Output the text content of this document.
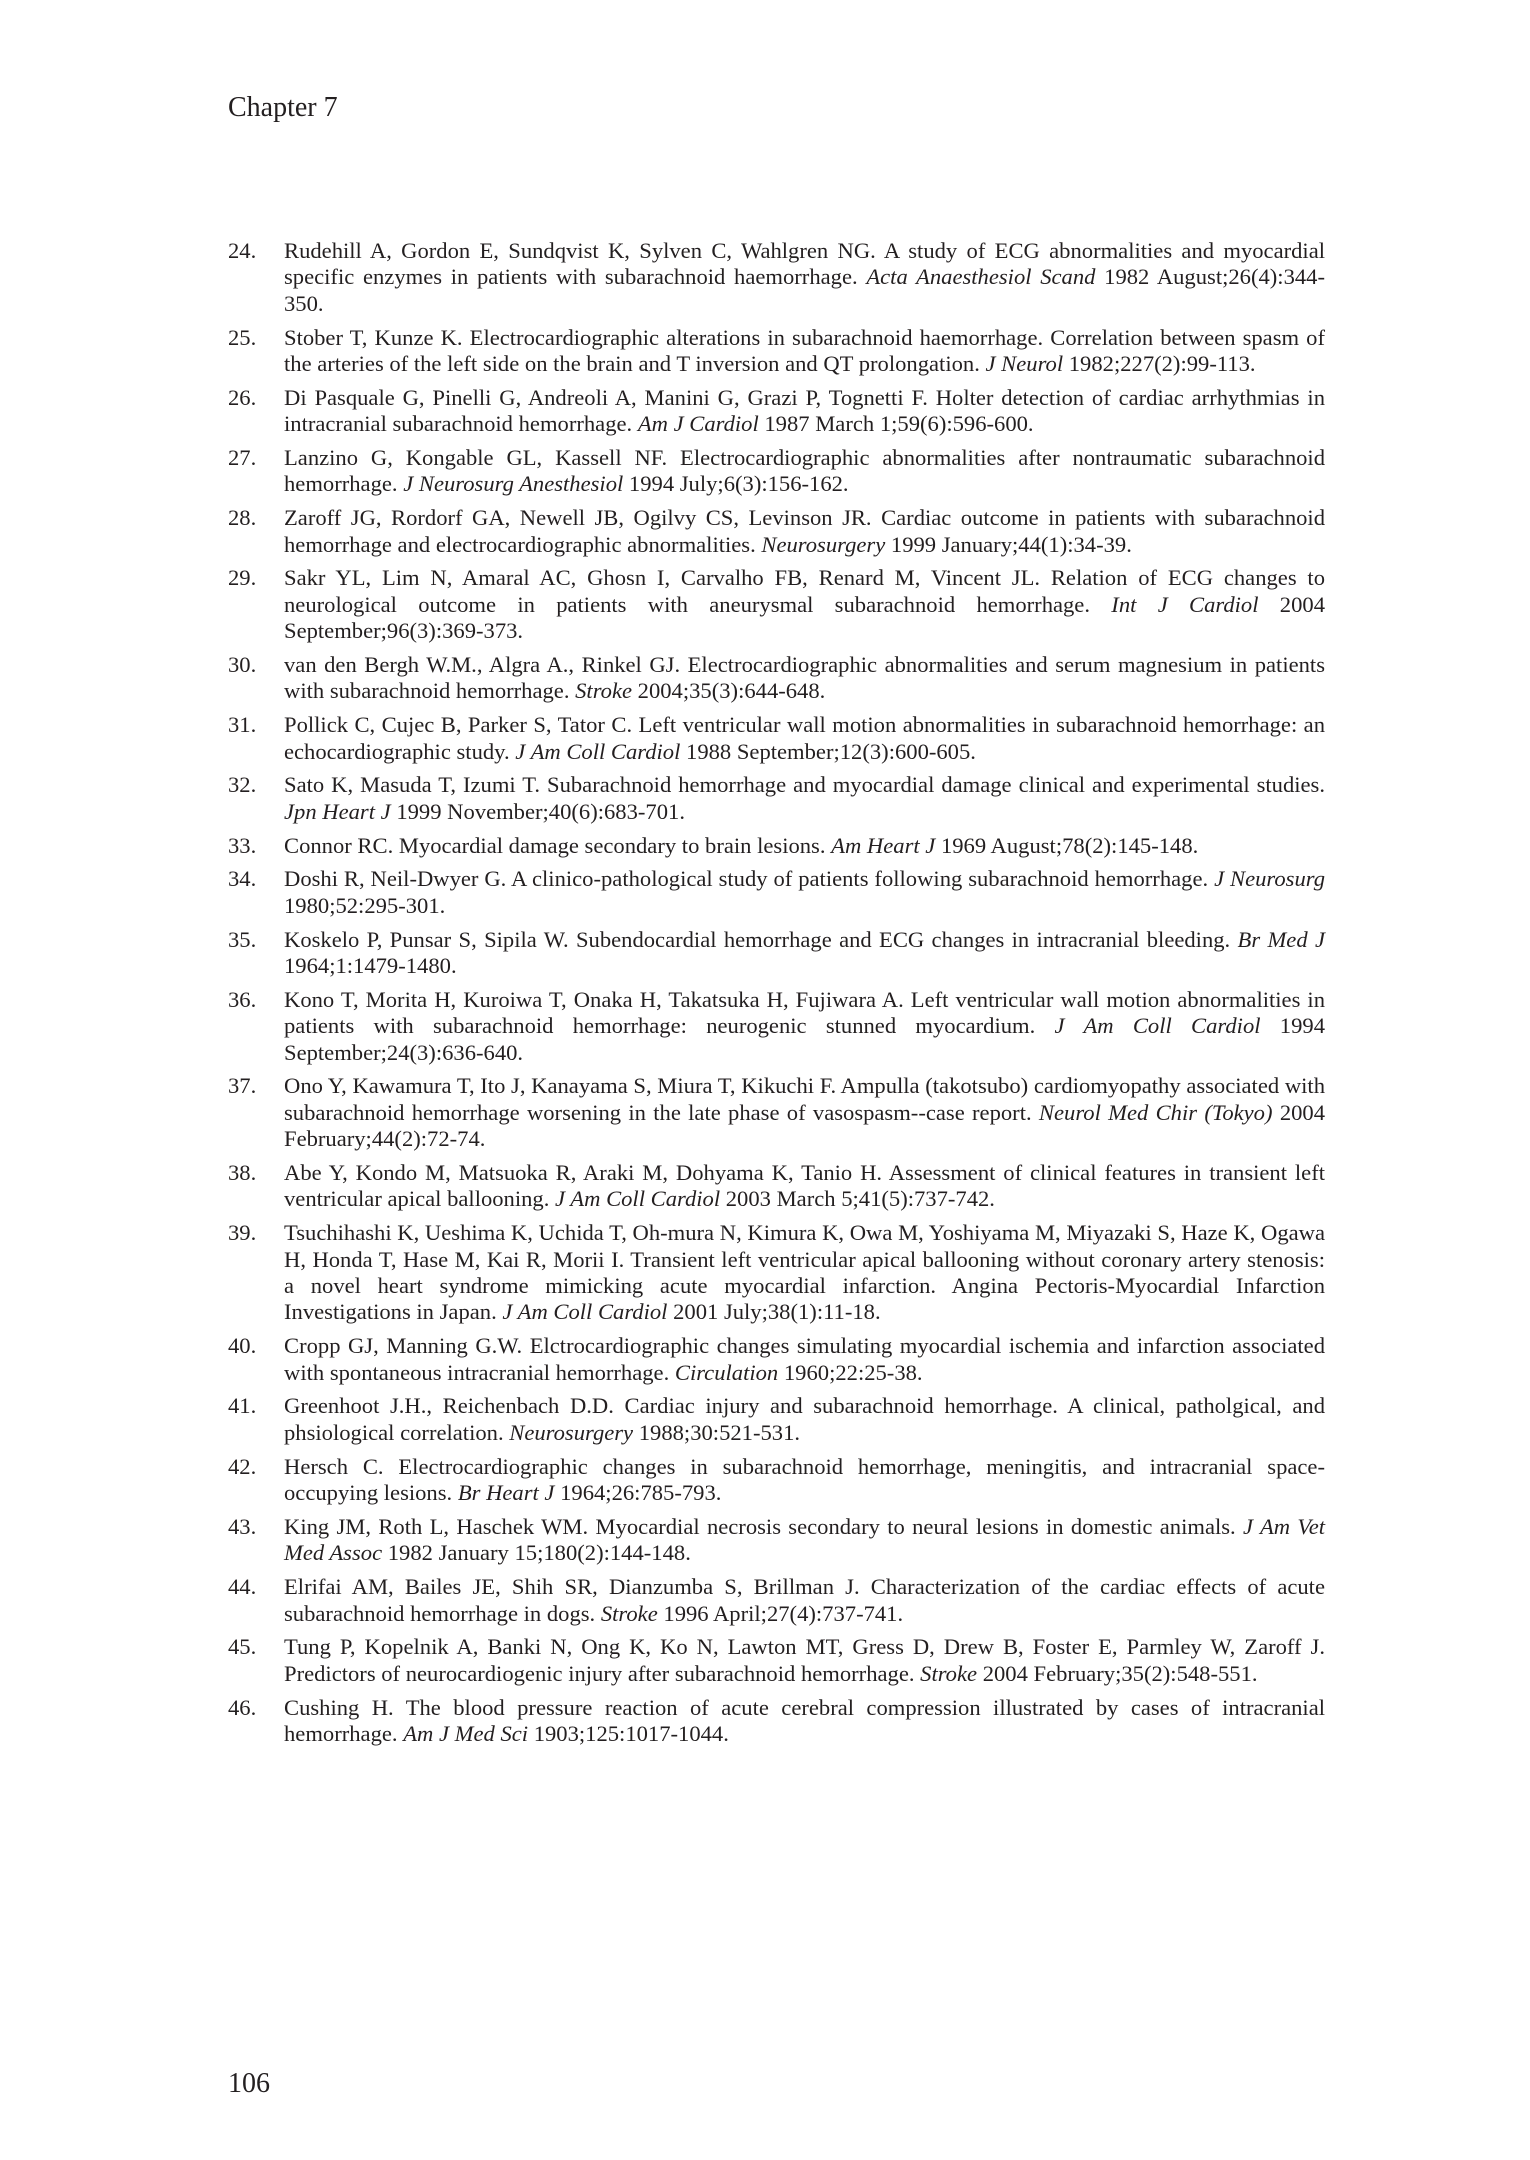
Chapter 7
24.	Rudehill A, Gordon E, Sundqvist K, Sylven C, Wahlgren NG. A study of ECG abnormalities and myocardial specific enzymes in patients with subarachnoid haemorrhage. Acta Anaesthesiol Scand 1982 August;26(4):344-350.
25.	Stober T, Kunze K. Electrocardiographic alterations in subarachnoid haemorrhage. Correlation between spasm of the arteries of the left side on the brain and T inversion and QT prolongation. J Neurol 1982;227(2):99-113.
26.	Di Pasquale G, Pinelli G, Andreoli A, Manini G, Grazi P, Tognetti F. Holter detection of cardiac arrhythmias in intracranial subarachnoid hemorrhage. Am J Cardiol 1987 March 1;59(6):596-600.
27.	Lanzino G, Kongable GL, Kassell NF. Electrocardiographic abnormalities after nontraumatic subarachnoid hemorrhage. J Neurosurg Anesthesiol 1994 July;6(3):156-162.
28.	Zaroff JG, Rordorf GA, Newell JB, Ogilvy CS, Levinson JR. Cardiac outcome in patients with subarachnoid hemorrhage and electrocardiographic abnormalities. Neurosurgery 1999 January;44(1):34-39.
29.	Sakr YL, Lim N, Amaral AC, Ghosn I, Carvalho FB, Renard M, Vincent JL. Relation of ECG changes to neurological outcome in patients with aneurysmal subarachnoid hemorrhage. Int J Cardiol 2004 September;96(3):369-373.
30.	van den Bergh W.M., Algra A., Rinkel GJ. Electrocardiographic abnormalities and serum magnesium in patients with subarachnoid hemorrhage. Stroke 2004;35(3):644-648.
31.	Pollick C, Cujec B, Parker S, Tator C. Left ventricular wall motion abnormalities in subarachnoid hemorrhage: an echocardiographic study. J Am Coll Cardiol 1988 September;12(3):600-605.
32.	Sato K, Masuda T, Izumi T. Subarachnoid hemorrhage and myocardial damage clinical and experimental studies. Jpn Heart J 1999 November;40(6):683-701.
33.	Connor RC. Myocardial damage secondary to brain lesions. Am Heart J 1969 August;78(2):145-148.
34.	Doshi R, Neil-Dwyer G. A clinico-pathological study of patients following subarachnoid hemorrhage. J Neurosurg 1980;52:295-301.
35.	Koskelo P, Punsar S, Sipila W. Subendocardial hemorrhage and ECG changes in intracranial bleeding. Br Med J 1964;1:1479-1480.
36.	Kono T, Morita H, Kuroiwa T, Onaka H, Takatsuka H, Fujiwara A. Left ventricular wall motion abnormalities in patients with subarachnoid hemorrhage: neurogenic stunned myocardium. J Am Coll Cardiol 1994 September;24(3):636-640.
37.	Ono Y, Kawamura T, Ito J, Kanayama S, Miura T, Kikuchi F. Ampulla (takotsubo) cardiomyopathy associated with subarachnoid hemorrhage worsening in the late phase of vasospasm--case report. Neurol Med Chir (Tokyo) 2004 February;44(2):72-74.
38.	Abe Y, Kondo M, Matsuoka R, Araki M, Dohyama K, Tanio H. Assessment of clinical features in transient left ventricular apical ballooning. J Am Coll Cardiol 2003 March 5;41(5):737-742.
39.	Tsuchihashi K, Ueshima K, Uchida T, Oh-mura N, Kimura K, Owa M, Yoshiyama M, Miyazaki S, Haze K, Ogawa H, Honda T, Hase M, Kai R, Morii I. Transient left ventricular apical ballooning without coronary artery stenosis: a novel heart syndrome mimicking acute myocardial infarction. Angina Pectoris-Myocardial Infarction Investigations in Japan. J Am Coll Cardiol 2001 July;38(1):11-18.
40.	Cropp GJ, Manning G.W. Elctrocardiographic changes simulating myocardial ischemia and infarction associated with spontaneous intracranial hemorrhage. Circulation 1960;22:25-38.
41.	Greenhoot J.H., Reichenbach D.D. Cardiac injury and subarachnoid hemorrhage. A clinical, patholgical, and phsiological correlation. Neurosurgery 1988;30:521-531.
42.	Hersch C. Electrocardiographic changes in subarachnoid hemorrhage, meningitis, and intracranial space-occupying lesions. Br Heart J 1964;26:785-793.
43.	King JM, Roth L, Haschek WM. Myocardial necrosis secondary to neural lesions in domestic animals. J Am Vet Med Assoc 1982 January 15;180(2):144-148.
44.	Elrifai AM, Bailes JE, Shih SR, Dianzumba S, Brillman J. Characterization of the cardiac effects of acute subarachnoid hemorrhage in dogs. Stroke 1996 April;27(4):737-741.
45.	Tung P, Kopelnik A, Banki N, Ong K, Ko N, Lawton MT, Gress D, Drew B, Foster E, Parmley W, Zaroff J. Predictors of neurocardiogenic injury after subarachnoid hemorrhage. Stroke 2004 February;35(2):548-551.
46.	Cushing H. The blood pressure reaction of acute cerebral compression illustrated by cases of intracranial hemorrhage. Am J Med Sci 1903;125:1017-1044.
106
